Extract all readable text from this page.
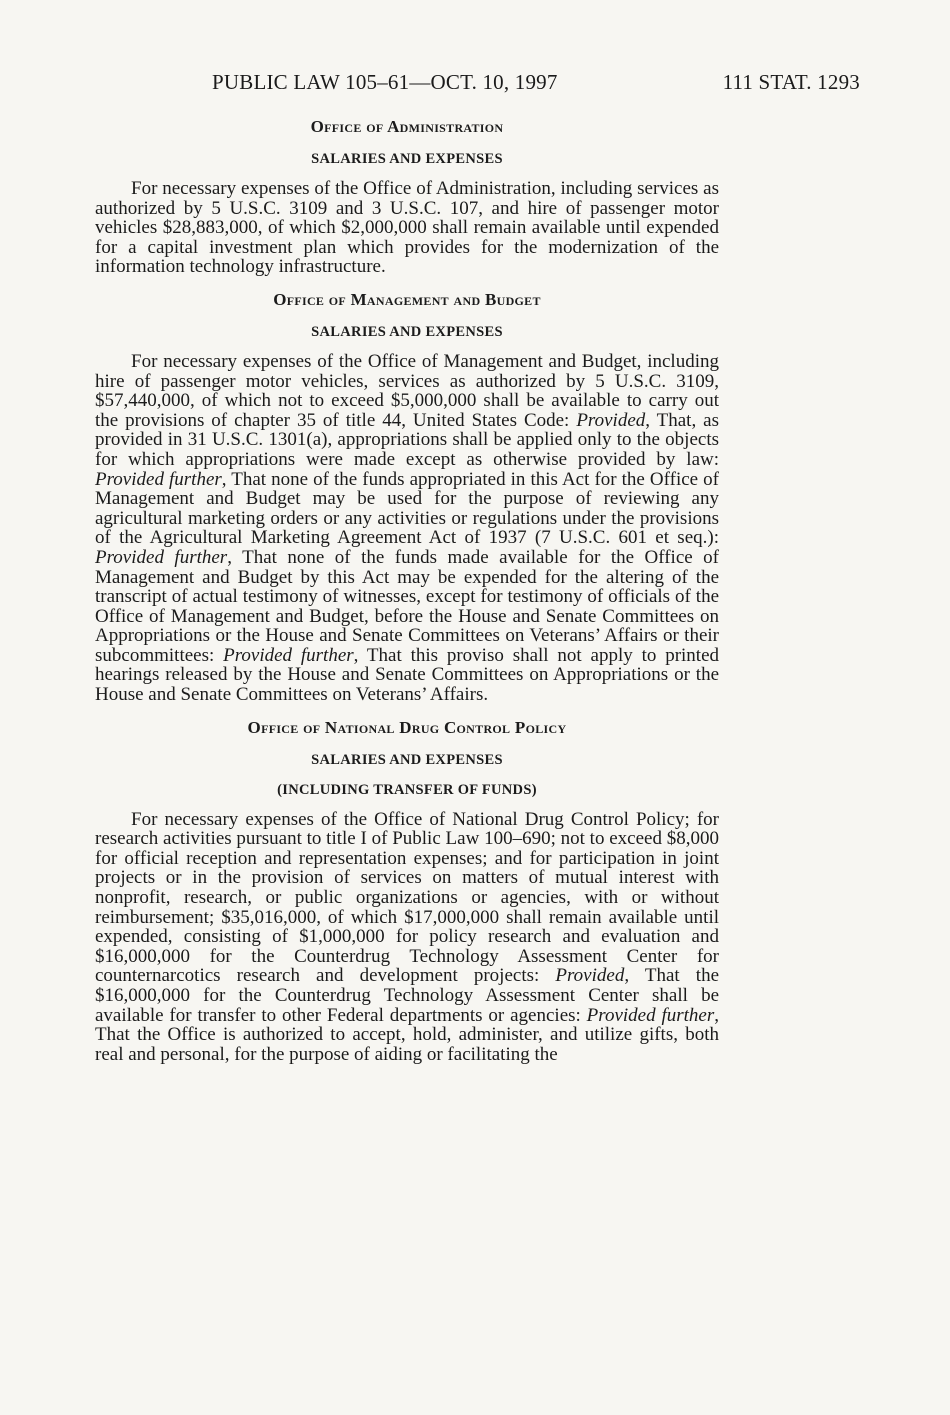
PUBLIC LAW 105–61—OCT. 10, 1997	111 STAT. 1293
Office of Administration
SALARIES AND EXPENSES

For necessary expenses of the Office of Administration, including services as authorized by 5 U.S.C. 3109 and 3 U.S.C. 107, and hire of passenger motor vehicles $28,883,000, of which $2,000,000 shall remain available until expended for a capital investment plan which provides for the modernization of the information technology infrastructure.

Office of Management and Budget
SALARIES AND EXPENSES

For necessary expenses of the Office of Management and Budget, including hire of passenger motor vehicles, services as authorized by 5 U.S.C. 3109, $57,440,000, of which not to exceed $5,000,000 shall be available to carry out the provisions of chapter 35 of title 44, United States Code: Provided, That, as provided in 31 U.S.C. 1301(a), appropriations shall be applied only to the objects for which appropriations were made except as otherwise provided by law: Provided further, That none of the funds appropriated in this Act for the Office of Management and Budget may be used for the purpose of reviewing any agricultural marketing orders or any activities or regulations under the provisions of the Agricultural Marketing Agreement Act of 1937 (7 U.S.C. 601 et seq.): Provided further, That none of the funds made available for the Office of Management and Budget by this Act may be expended for the altering of the transcript of actual testimony of witnesses, except for testimony of officials of the Office of Management and Budget, before the House and Senate Committees on Appropriations or the House and Senate Committees on Veterans’ Affairs or their subcommittees: Provided further, That this proviso shall not apply to printed hearings released by the House and Senate Committees on Appropriations or the House and Senate Committees on Veterans’ Affairs.

Office of National Drug Control Policy
SALARIES AND EXPENSES
(INCLUDING TRANSFER OF FUNDS)

For necessary expenses of the Office of National Drug Control Policy; for research activities pursuant to title I of Public Law 100–690; not to exceed $8,000 for official reception and representation expenses; and for participation in joint projects or in the provision of services on matters of mutual interest with nonprofit, research, or public organizations or agencies, with or without reimbursement; $35,016,000, of which $17,000,000 shall remain available until expended, consisting of $1,000,000 for policy research and evaluation and $16,000,000 for the Counterdrug Technology Assessment Center for counternarcotics research and development projects: Provided, That the $16,000,000 for the Counterdrug Technology Assessment Center shall be available for transfer to other Federal departments or agencies: Provided further, That the Office is authorized to accept, hold, administer, and utilize gifts, both real and personal, for the purpose of aiding or facilitating the
